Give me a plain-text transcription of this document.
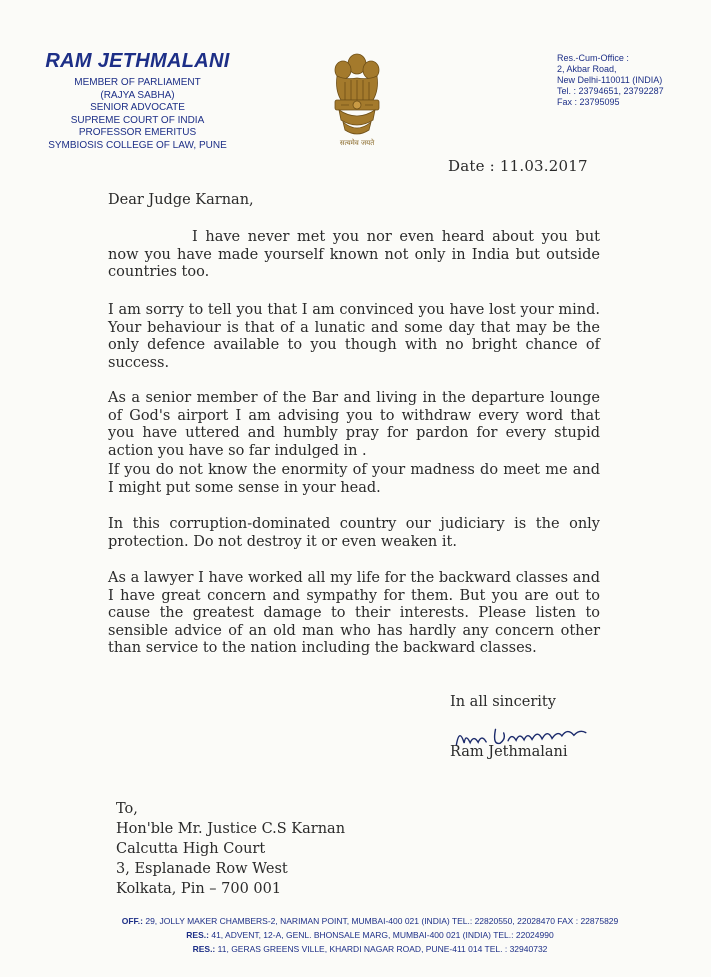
RAM JETHMALANI
MEMBER OF PARLIAMENT
(RAJYA SABHA)
SENIOR ADVOCATE
SUPREME COURT OF INDIA
PROFESSOR EMERITUS
SYMBIOSIS COLLEGE OF LAW, PUNE	सत्यमेव जयते
Res.-Cum-Office :
2, Akbar Road,
New Delhi-110011 (INDIA)
Tel. : 23794651, 23792287
Fax : 23795095
Date : 11.03.2017
Dear Judge Karnan,

I have never met you nor even heard about you but now you have made yourself known not only in India but outside countries too.

I am sorry to tell you that I am convinced you have lost your mind. Your behaviour is that of a lunatic and some day that may be the only defence available to you though with no bright chance of success.

As a senior member of the Bar and living in the departure lounge of God's airport I am advising you to withdraw every word that you have uttered and humbly pray for pardon for every stupid action you have so far indulged in .

If you do not know the enormity of your madness do meet me and I might put some sense in your head.

In this corruption-dominated country our judiciary is the only protection. Do not destroy it or even weaken it.

As a lawyer I have worked all my life for the backward classes and I have great concern and sympathy for them. But you are out to cause the greatest damage to their interests. Please listen to sensible advice of an old man who has hardly any concern other than service to the nation including the backward classes.

In all sincerity
Ram Jethmalani
To,
Hon'ble Mr. Justice C.S Karnan
Calcutta High Court
3, Esplanade Row West
Kolkata, Pin – 700 001
OFF.: 29, JOLLY MAKER CHAMBERS-2, NARIMAN POINT, MUMBAI-400 021 (INDIA) TEL.: 22820550, 22028470 FAX : 22875829
RES.: 41, ADVENT, 12-A, GENL. BHONSALE MARG, MUMBAI-400 021 (INDIA) TEL.: 22024990
RES.: 11, GERAS GREENS VILLE, KHARDI NAGAR ROAD, PUNE-411 014 TEL. : 32940732
